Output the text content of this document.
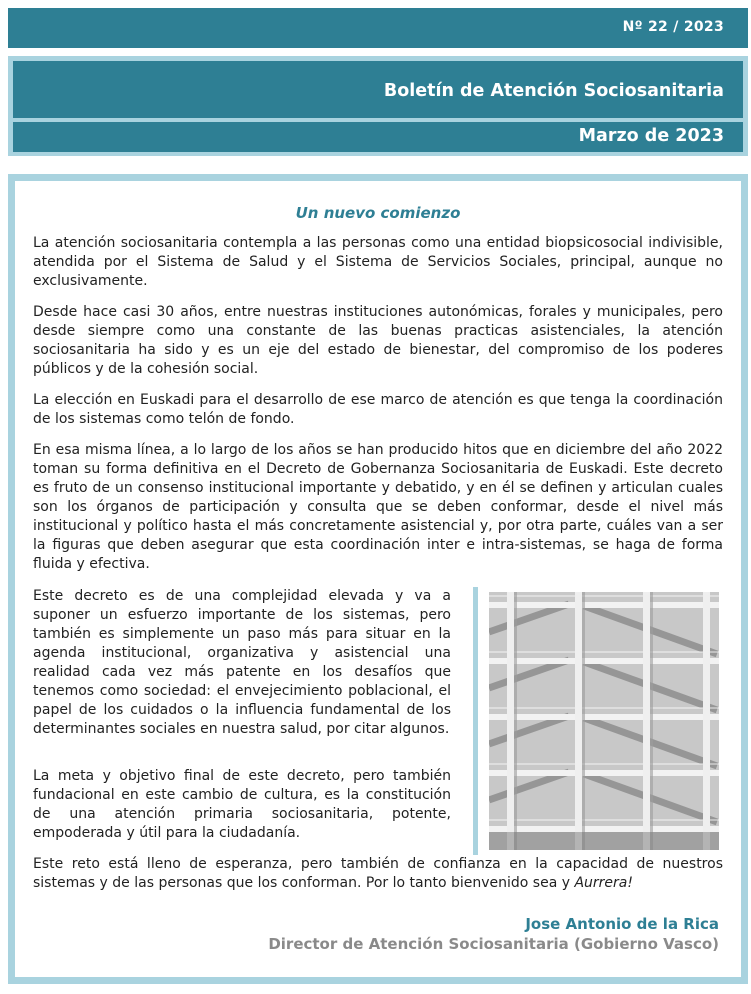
Nº 22 / 2023
Boletín de Atención Sociosanitaria
Marzo de 2023
Un nuevo comienzo

La atención sociosanitaria contempla a las personas como una entidad biopsicosocial indivisible, atendida por el Sistema de Salud y el Sistema de Servicios Sociales, principal, aunque no exclusivamente.

Desde hace casi 30 años, entre nuestras instituciones autonómicas, forales y municipales, pero desde siempre como una constante de las buenas practicas asistenciales, la atención sociosanitaria ha sido y es un eje del estado de bienestar, del compromiso de los poderes públicos y de la cohesión social.

La elección en Euskadi para el desarrollo de ese marco de atención es que tenga la coordinación de los sistemas como telón de fondo.

En esa misma línea, a lo largo de los años se han producido hitos que en diciembre del año 2022 toman su forma definitiva en el Decreto de Gobernanza Sociosanitaria de Euskadi. Este decreto es fruto de un consenso institucional importante y debatido, y en él se definen y articulan cuales son los órganos de participación y consulta que se deben conformar, desde el nivel más institucional y político hasta el más concretamente asistencial y, por otra parte, cuáles van a ser la figuras que deben asegurar que esta coordinación inter e intra-sistemas, se haga de forma fluida y efectiva.

Este decreto es de una complejidad elevada y va a suponer un esfuerzo importante de los sistemas, pero también es simplemente un paso más para situar en la agenda institucional, organizativa y asistencial una realidad cada vez más patente en los desafíos que tenemos como sociedad: el envejecimiento poblacional, el papel de los cuidados o la influencia fundamental de los determinantes sociales en nuestra salud, por citar algunos.

La meta y objetivo final de este decreto, pero también fundacional en este cambio de cultura, es la constitución de una atención primaria sociosanitaria, potente, empoderada y útil para la ciudadanía.

Este reto está lleno de esperanza, pero también de confianza en la capacidad de nuestros sistemas y de las personas que los conforman. Por lo tanto bienvenido sea y Aurrera!

Jose Antonio de la Rica
Director de Atención Sociosanitaria (Gobierno Vasco)
